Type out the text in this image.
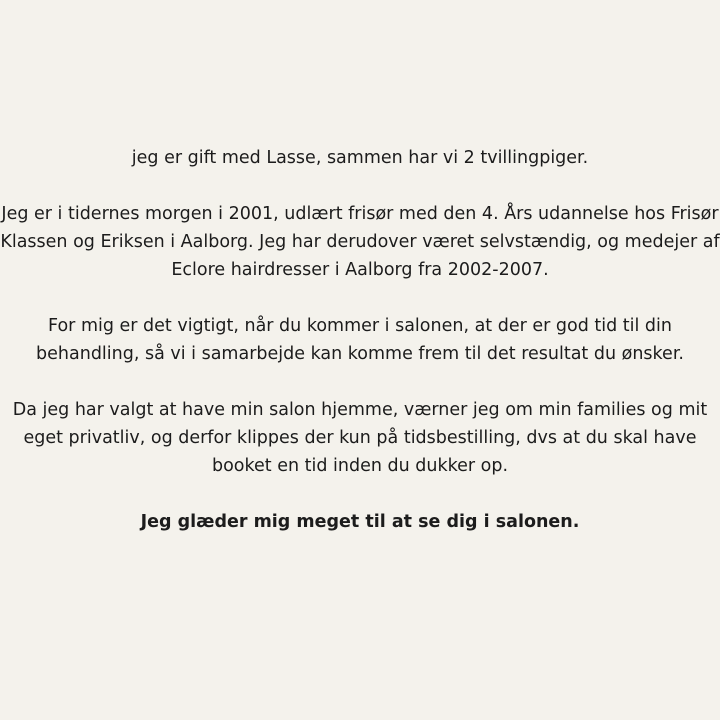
jeg er gift med Lasse, sammen har vi 2 tvillingpiger.

Jeg er i tidernes morgen i 2001, udlært frisør med den 4. Års udannelse hos Frisør
Klassen og Eriksen i Aalborg. Jeg har derudover været selvstændig, og medejer af
Eclore hairdresser i Aalborg fra 2002-2007.

For mig er det vigtigt, når du kommer i salonen, at der er god tid til din
behandling, så vi i samarbejde kan komme frem til det resultat du ønsker.

Da jeg har valgt at have min salon hjemme, værner jeg om min families og mit
eget privatliv, og derfor klippes der kun på tidsbestilling, dvs at du skal have
booket en tid inden du dukker op.

Jeg glæder mig meget til at se dig i salonen.
